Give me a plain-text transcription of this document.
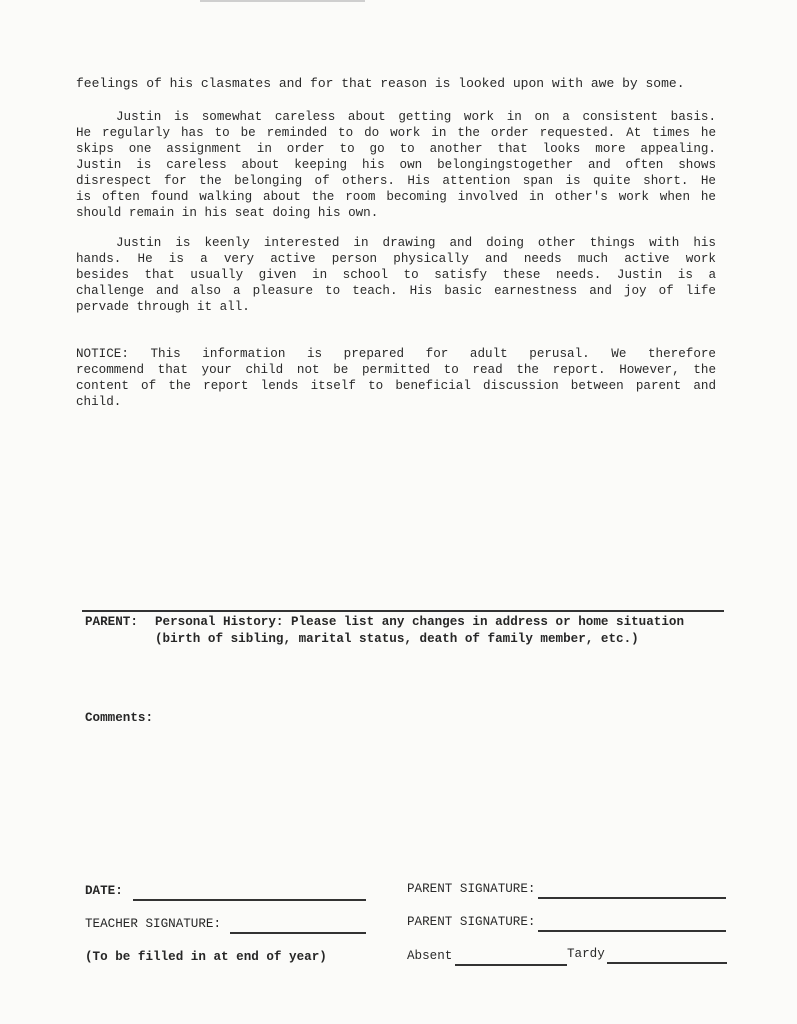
feelings of his clasmates and for that reason is looked upon with awe by some.
Justin is somewhat careless about getting work in on a consistent basis.
He regularly has to be reminded to do work in the order requested. At times he
skips one assignment in order to go to another that looks more appealing.
Justin is careless about keeping his own belongingstogether and often shows
disrespect for the belonging of others. His attention span is quite short. He
is often found walking about the room becoming involved in other's work when he
should remain in his seat doing his own.
Justin is keenly interested in drawing and doing other things with his
hands. He is a very active person physically and needs much active work
besides that usually given in school to satisfy these needs. Justin is a
challenge and also a pleasure to teach. His basic earnestness and joy of life
pervade through it all.
NOTICE: This information is prepared for adult perusal. We therefore
recommend that your child not be permitted to read the report. However, the
content of the report lends itself to beneficial discussion between parent and
child.
PARENT: Personal History: Please list any changes in address or home situation
(birth of sibling, marital status, death of family member, etc.)
Comments:
DATE:
TEACHER SIGNATURE:
(To be filled in at end of year)
PARENT SIGNATURE:
PARENT SIGNATURE:
Absent	Tardy
